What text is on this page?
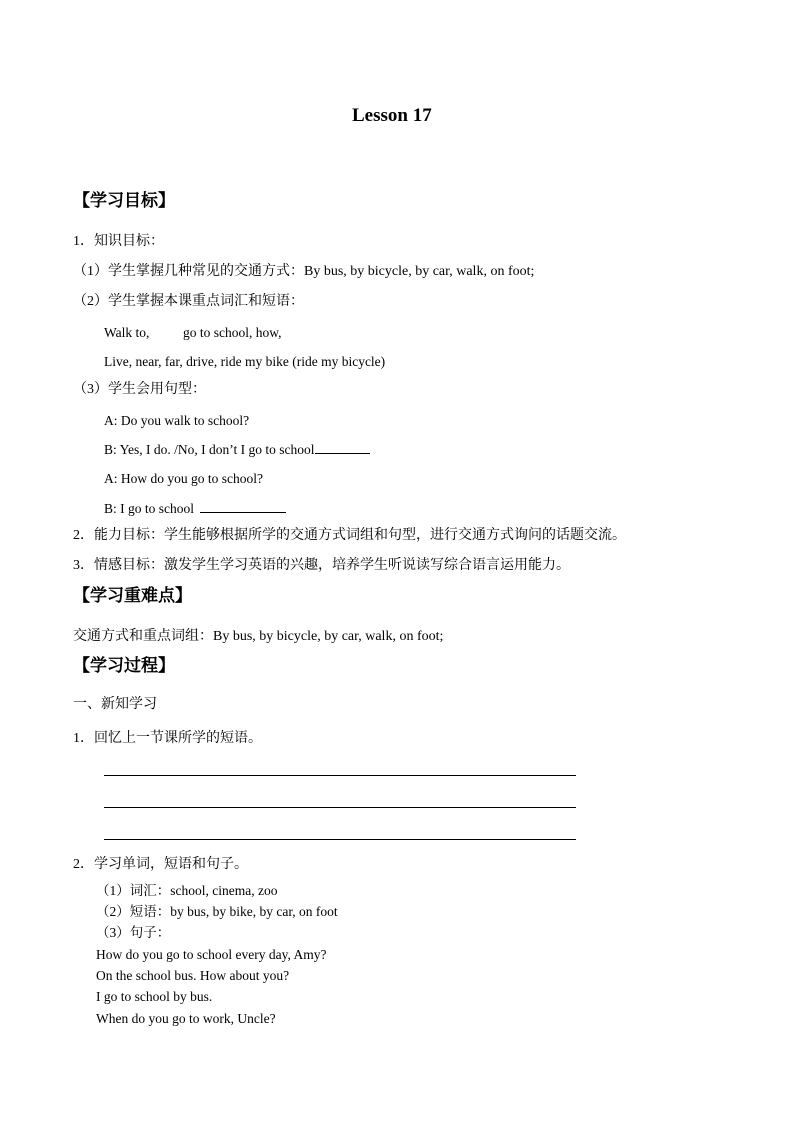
Lesson 17
【学习目标】
1．知识目标：
（1）学生掌握几种常见的交通方式：By bus, by bicycle, by car, walk, on foot;
（2）学生掌握本课重点词汇和短语：
Walk to, go to school, how,
Live, near, far, drive, ride my bike (ride my bicycle)
（3）学生会用句型：
A: Do you walk to school?
B: Yes, I do. /No, I don’t I go to school
A: How do you go to school?
B: I go to school
2．能力目标：学生能够根据所学的交通方式词组和句型，进行交通方式询问的话题交流。
3．情感目标：激发学生学习英语的兴趣，培养学生听说读写综合语言运用能力。
【学习重难点】
交通方式和重点词组：By bus, by bicycle, by car, walk, on foot;
【学习过程】
一、新知学习
1．回忆上一节课所学的短语。
2．学习单词，短语和句子。
（1）词汇：school, cinema, zoo
（2）短语：by bus, by bike, by car, on foot
（3）句子：
How do you go to school every day, Amy?
On the school bus. How about you?
I go to school by bus.
When do you go to work, Uncle?
